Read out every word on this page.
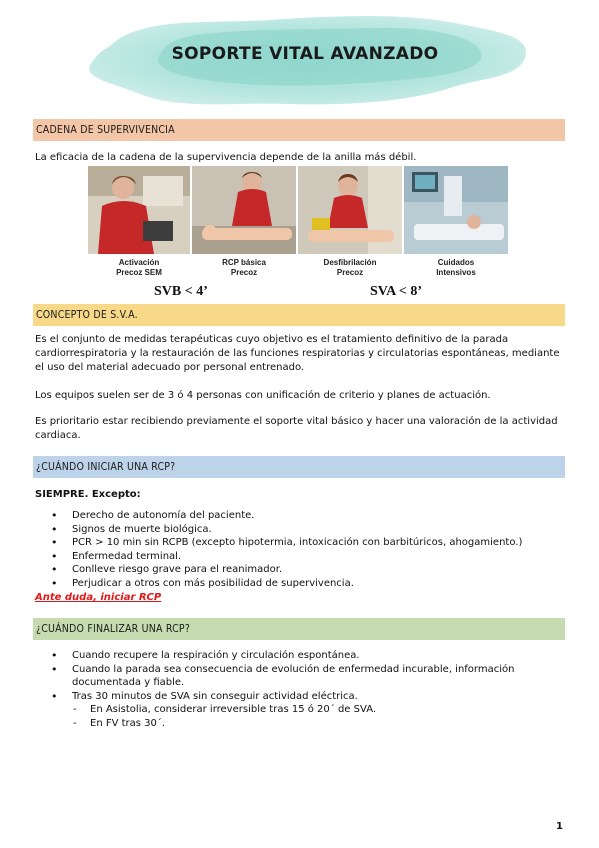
SOPORTE VITAL AVANZADO
CADENA DE SUPERVIVENCIA
La eficacia de la cadena de la supervivencia depende de la anilla más débil.
Activación
Precoz SEM
RCP básica
Precoz
Desfibrilación
Precoz
Cuidados
Intensivos
SVB < 4’	SVA < 8’
CONCEPTO DE S.V.A.
Es el conjunto de medidas terapéuticas cuyo objetivo es el tratamiento definitivo de la parada cardiorrespiratoria y la restauración de las funciones respiratorias y circulatorias espontáneas, mediante el uso del material adecuado por personal entrenado.
Los equipos suelen ser de 3 ó 4 personas con unificación de criterio y planes de actuación.
Es prioritario estar recibiendo previamente el soporte vital básico y hacer una valoración de la actividad cardiaca.
¿CUÁNDO INICIAR UNA RCP?
SIEMPRE. Excepto:
• Derecho de autonomía del paciente.
• Signos de muerte biológica.
• PCR > 10 min sin RCPB (excepto hipotermia, intoxicación con barbitúricos, ahogamiento.)
• Enfermedad terminal.
• Conlleve riesgo grave para el reanimador.
• Perjudicar a otros con más posibilidad de supervivencia.
Ante duda, iniciar RCP
¿CUÁNDO FINALIZAR UNA RCP?
• Cuando recupere la respiración y circulación espontánea.
• Cuando la parada sea consecuencia de evolución de enfermedad incurable, información documentada y fiable.
• Tras 30 minutos de SVA sin conseguir actividad eléctrica.
- En Asistolia, considerar irreversible tras 15 ó 20´ de SVA.
- En FV tras 30´.
1
